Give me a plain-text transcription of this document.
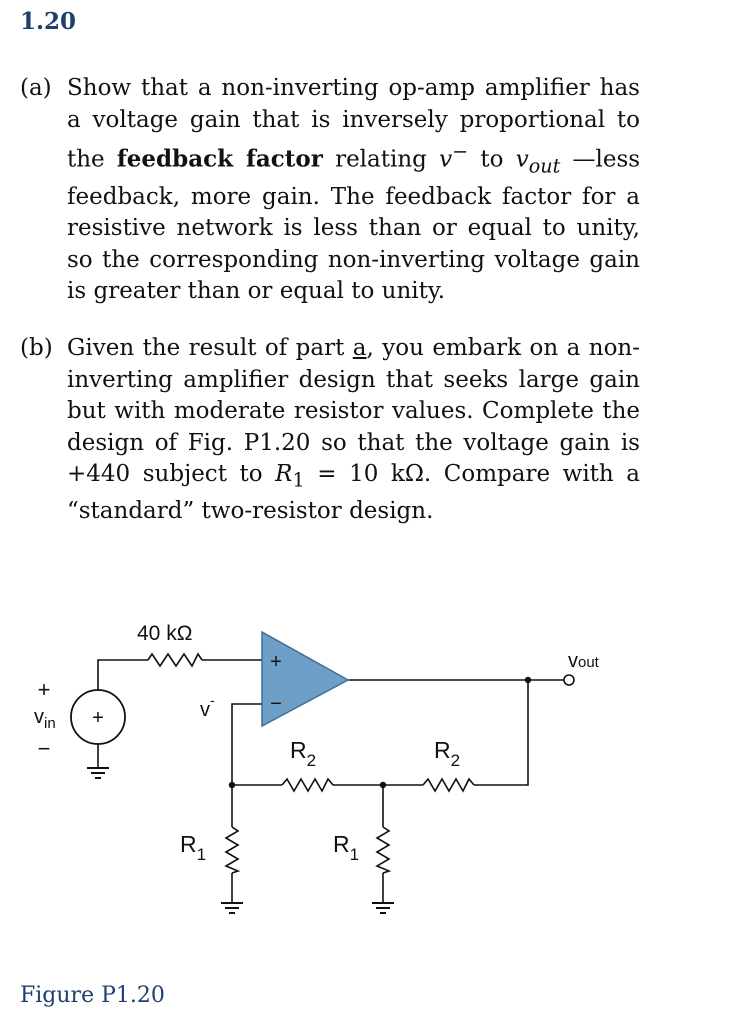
1.20
(a) Show that a non-inverting op-amp amplifier has a voltage gain that is inversely proportional to the feedback factor relating v− to $v_{out}$ —less feedback, more gain. The feedback factor for a resistive network is less than or equal to unity, so the corresponding non-inverting voltage gain is greater than or equal to unity.
(b) Given the result of part a, you embark on a non-inverting amplifier design that seeks large gain but with moderate resistor values. Complete the design of Fig. P1.20 so that the voltage gain is +440 subject to $R_1 = 10$ kΩ. Compare with a “standard” two-resistor design.
+
+
−
40 kΩ
vout
+
$v_{in}$
−
v-
$R_2$	$R_2$
$R_1$	$R_1$
Figure P1.20
